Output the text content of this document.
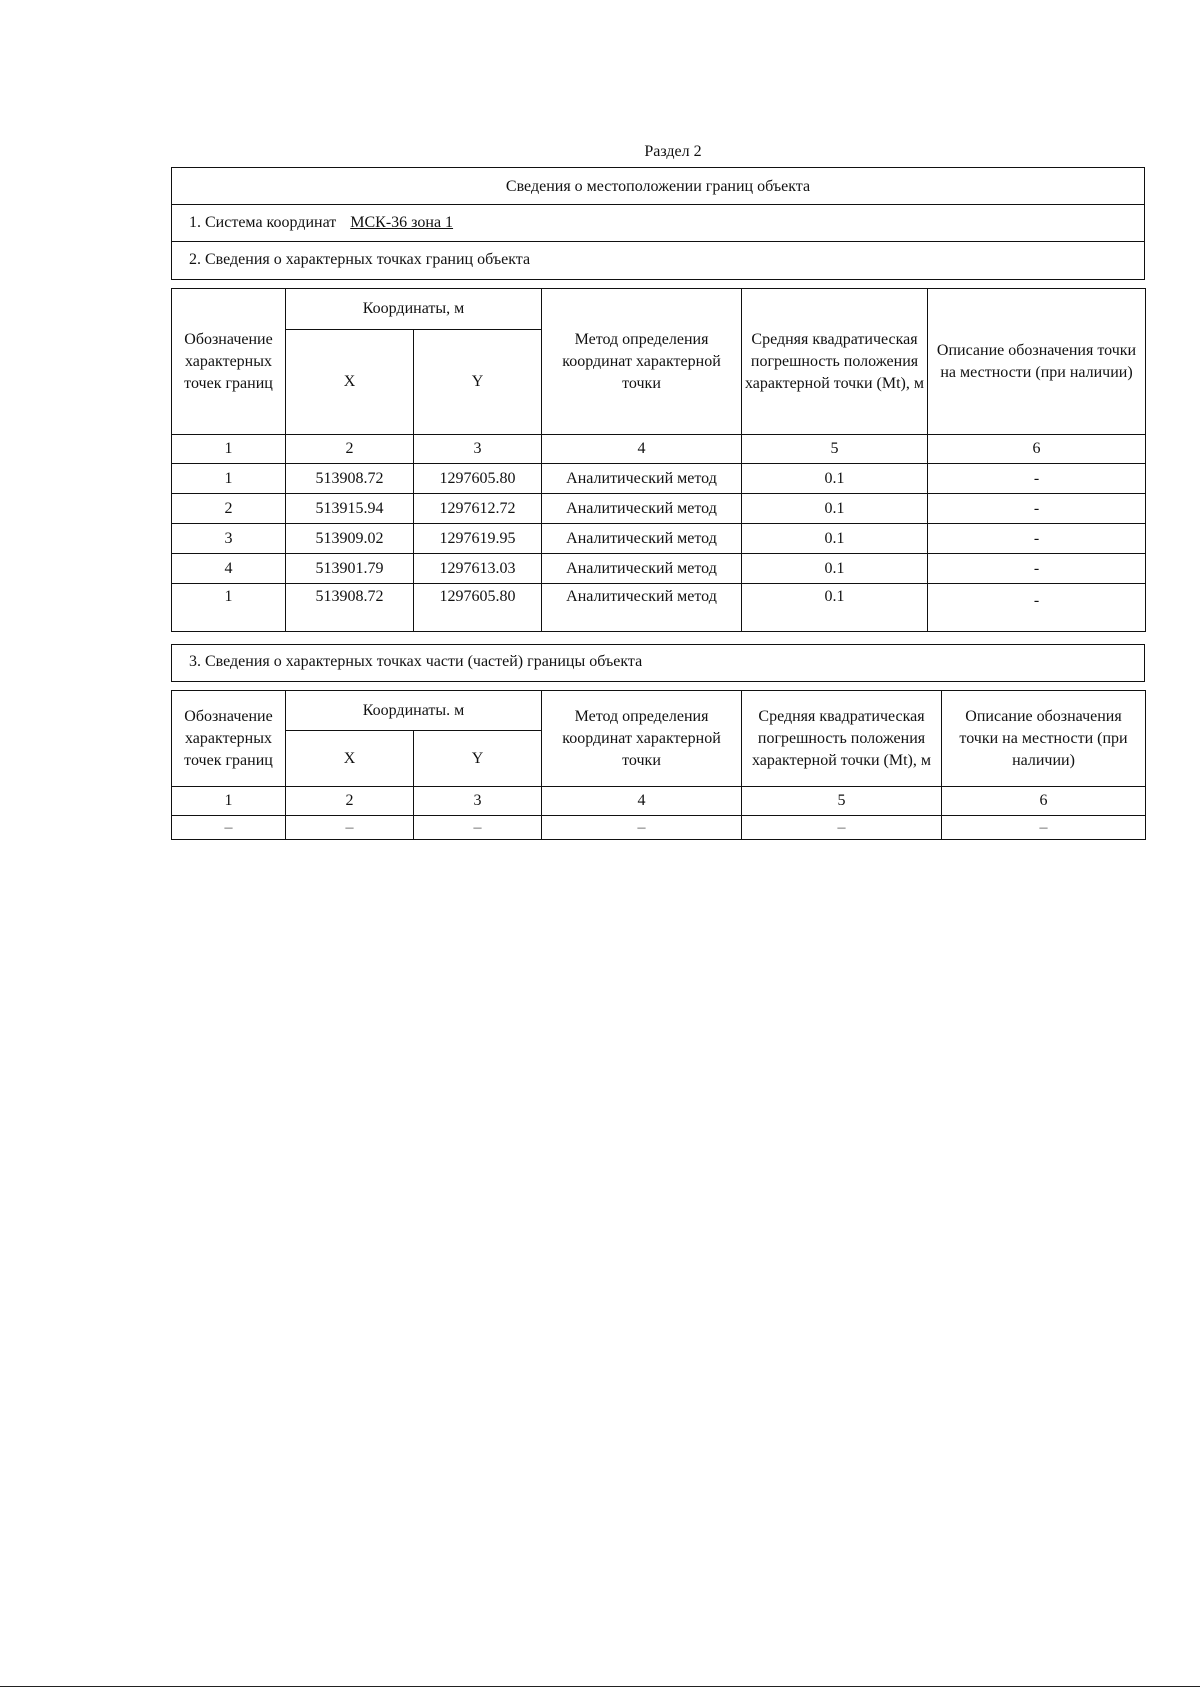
Раздел 2
Сведения о местоположении границ объекта
1. Система координат МСК-36 зона 1
2. Сведения о характерных точках границ объекта
Обозначение характерных точек границ	Координаты, м		Метод определения координат характерной точки	Средняя квадратическая погрешность положения характерной точки (Mt), м	Описание обозначения точки на местности (при наличии)
	X	Y			
1	2	3	4	5	6
1	513908.72	1297605.80	Аналитический метод	0.1	-
2	513915.94	1297612.72	Аналитический метод	0.1	-
3	513909.02	1297619.95	Аналитический метод	0.1	-
4	513901.79	1297613.03	Аналитический метод	0.1	-
1	513908.72	1297605.80	Аналитический метод	0.1	-
3. Сведения о характерных точках части (частей) границы объекта
Обозначение характерных точек границ	Координаты. м		Метод определения координат характерной точки	Средняя квадратическая погрешность положения характерной точки (Mt), м	Описание обозначения точки на местности (при наличии)
	X	Y			
1	2	3	4	5	6
–	–	–	–	–	–
